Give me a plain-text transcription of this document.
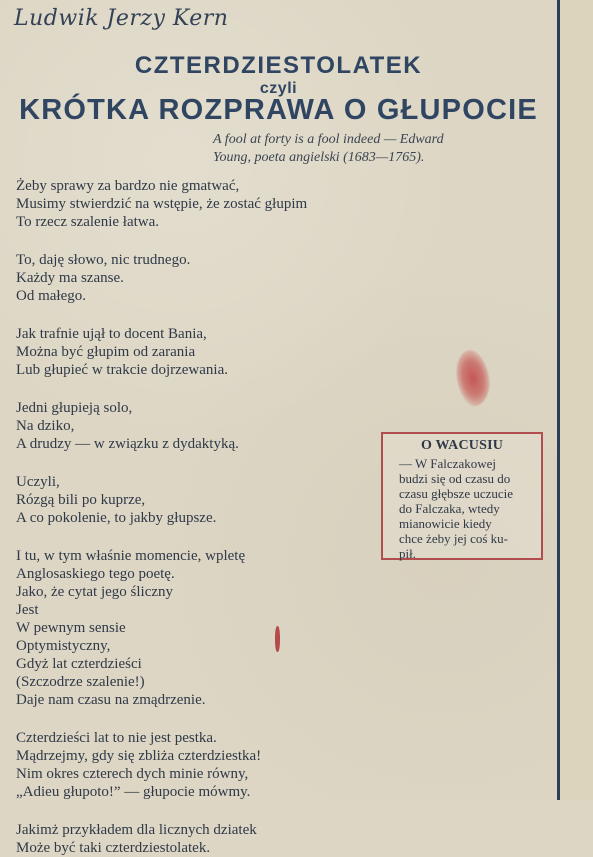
Ludwik Jerzy Kern
CZTERDZIESTOLATEK
czyli
KRÓTKA ROZPRAWA O GŁUPOCIE
A fool at forty is a fool indeed — Edward
Young, poeta angielski (1683—1765).
Żeby sprawy za bardzo nie gmatwać,
Musimy stwierdzić na wstępie, że zostać głupim
To rzecz szalenie łatwa.
To, daję słowo, nic trudnego.
Każdy ma szanse.
Od małego.
Jak trafnie ujął to docent Bania,
Można być głupim od zarania
Lub głupieć w trakcie dojrzewania.
Jedni głupieją solo,
Na dziko,
A drudzy — w związku z dydaktyką.
Uczyli,
Rózgą bili po kuprze,
A co pokolenie, to jakby głupsze.
I tu, w tym właśnie momencie, wpletę
Anglosaskiego tego poetę.
Jako, że cytat jego śliczny
Jest
W pewnym sensie
Optymistyczny,
Gdyż lat czterdzieści
(Szczodrze szalenie!)
Daje nam czasu na zmądrzenie.
Czterdzieści lat to nie jest pestka.
Mądrzejmy, gdy się zbliża czterdziestka!
Nim okres czterech dych minie równy,
„Adieu głupoto!” — głupocie mówmy.
Jakimż przykładem dla licznych dziatek
Może być taki czterdziestolatek.
O WACUSIU
— W Falczakowej
budzi się od czasu do
czasu głębsze uczucie
do Falczaka, wtedy
mianowicie kiedy
chce żeby jej coś ku-
pił.
